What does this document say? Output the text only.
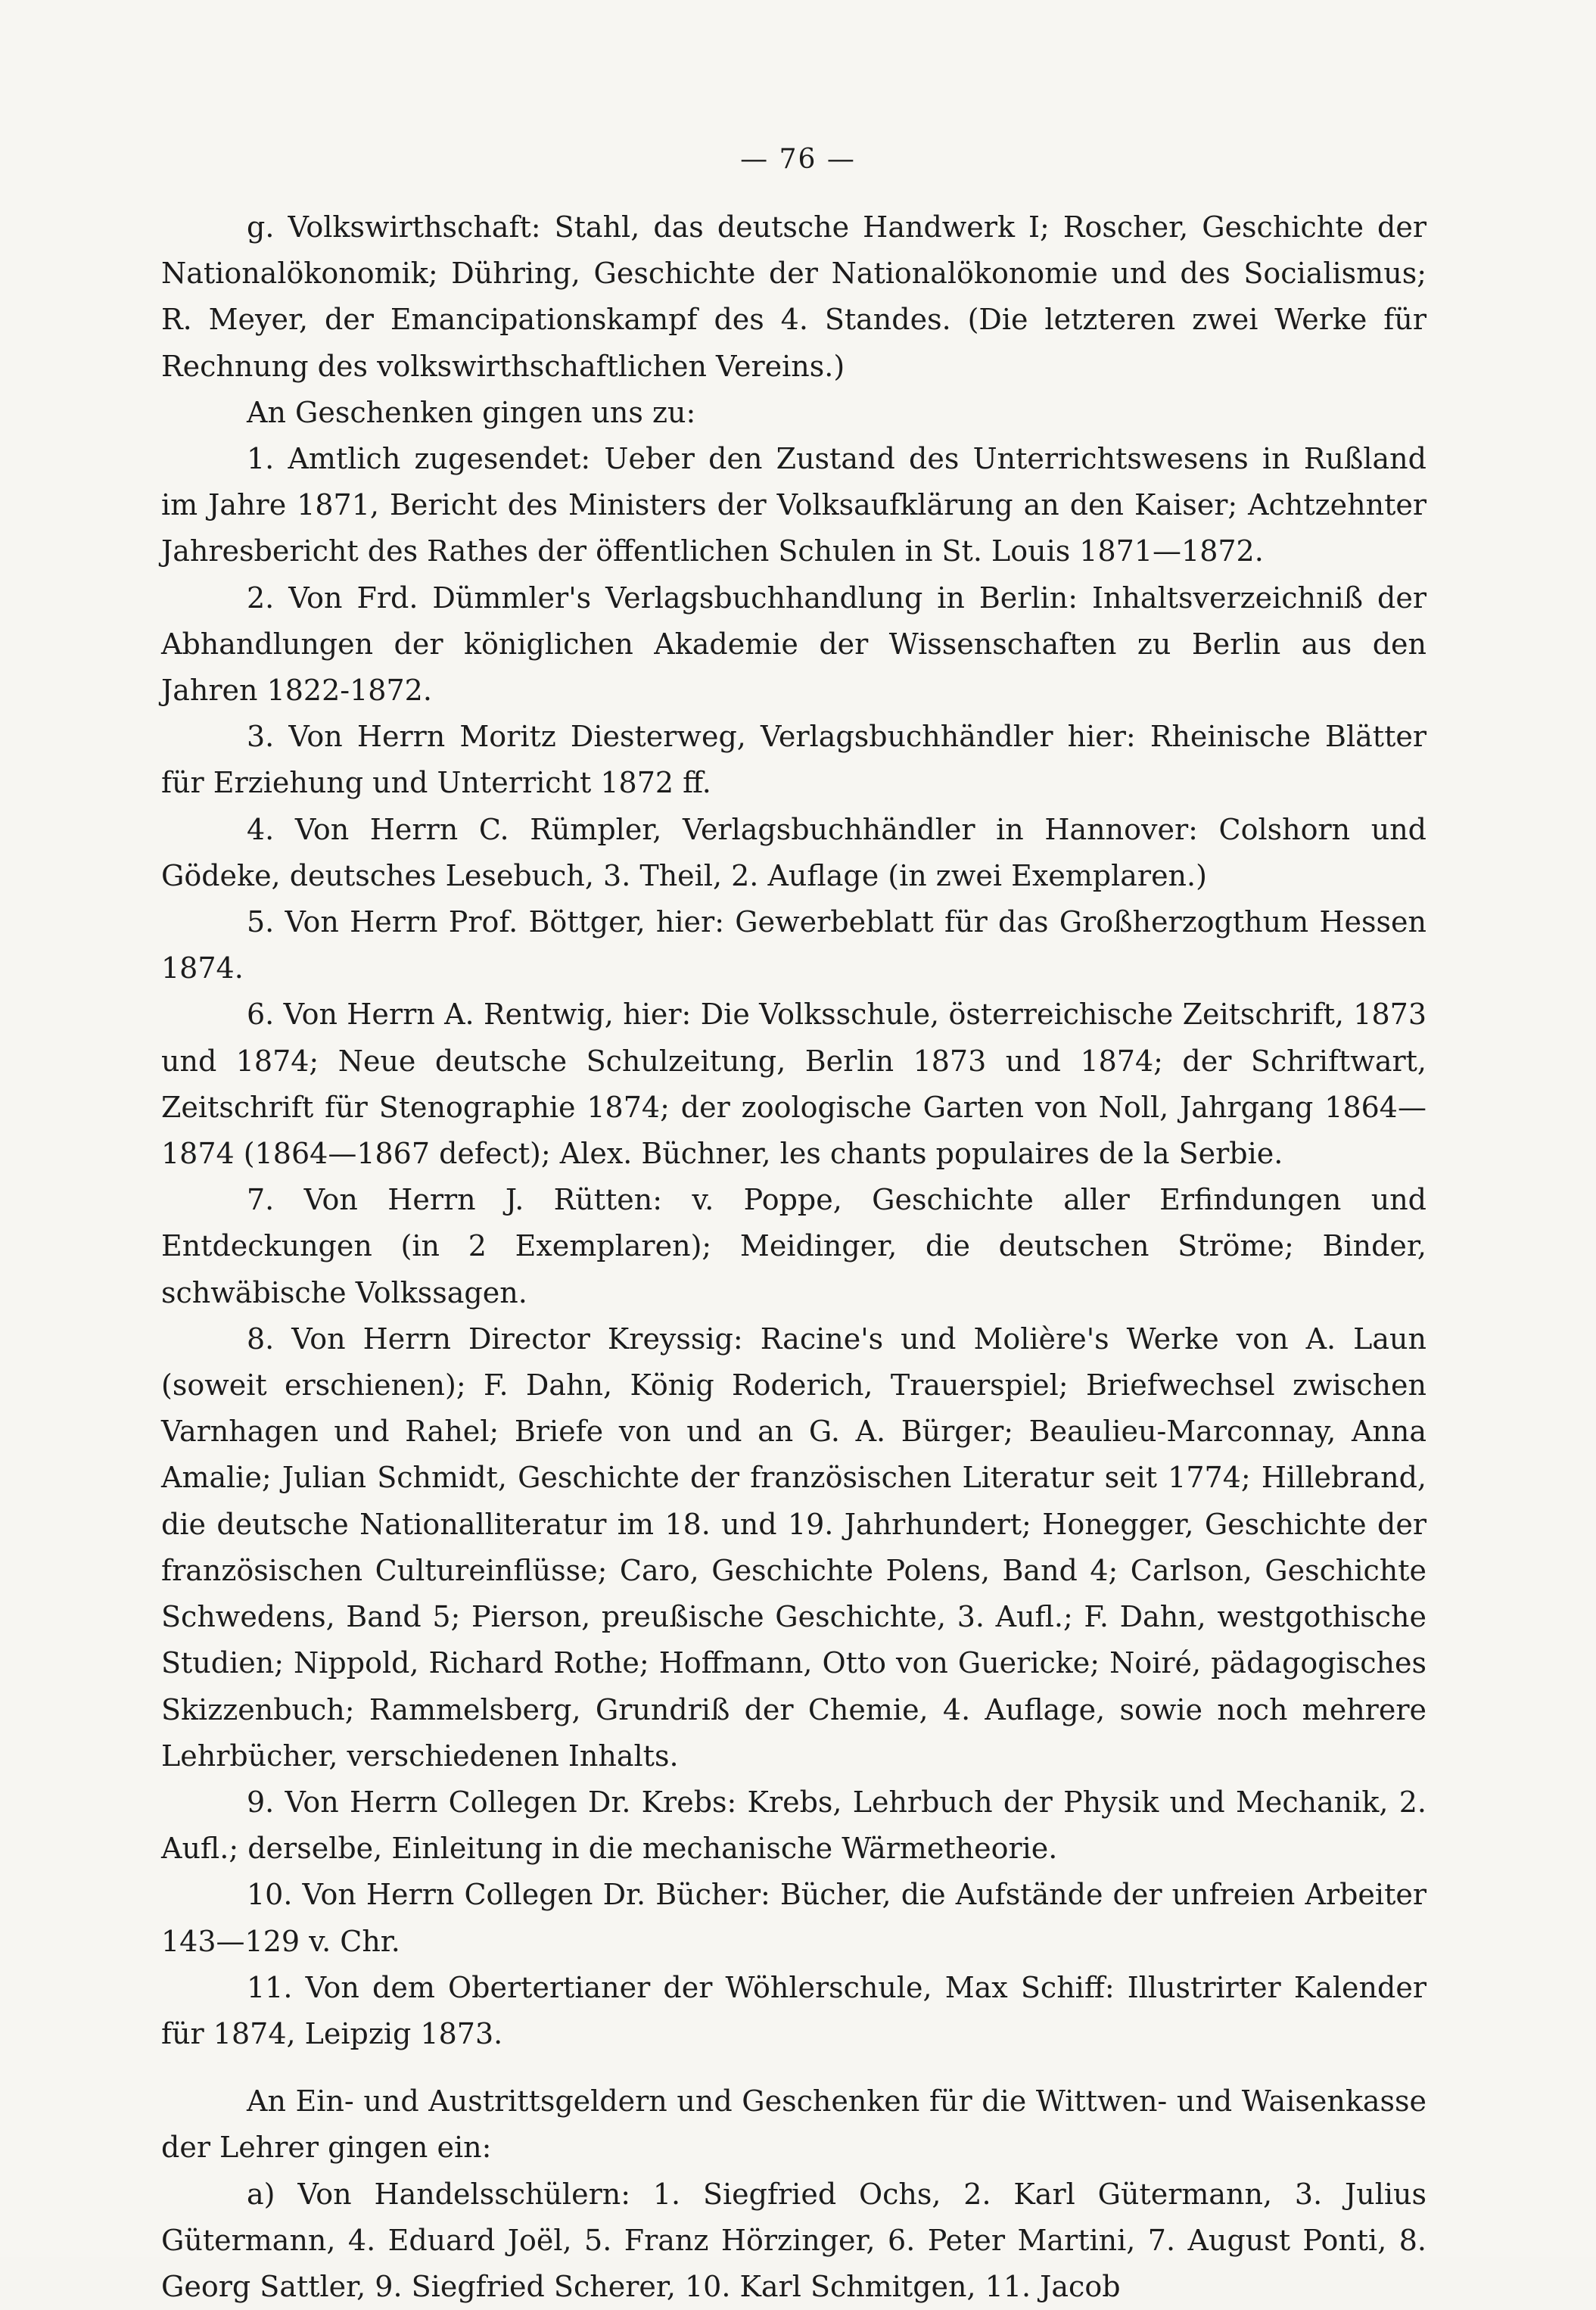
— 76 —

g. Volkswirthschaft: Stahl, das deutsche Handwerk I; Roscher, Geschichte der Nationalökonomik; Dühring, Geschichte der Nationalökonomie und des Socialismus; R. Meyer, der Emancipationskampf des 4. Standes. (Die letzteren zwei Werke für Rechnung des volkswirthschaftlichen Vereins.)

An Geschenken gingen uns zu:

1. Amtlich zugesendet: Ueber den Zustand des Unterrichtswesens in Rußland im Jahre 1871, Bericht des Ministers der Volksaufklärung an den Kaiser; Achtzehnter Jahresbericht des Rathes der öffentlichen Schulen in St. Louis 1871—1872.

2. Von Frd. Dümmler's Verlagsbuchhandlung in Berlin: Inhaltsverzeichniß der Abhandlungen der königlichen Akademie der Wissenschaften zu Berlin aus den Jahren 1822-1872.

3. Von Herrn Moritz Diesterweg, Verlagsbuchhändler hier: Rheinische Blätter für Erziehung und Unterricht 1872 ff.

4. Von Herrn C. Rümpler, Verlagsbuchhändler in Hannover: Colshorn und Gödeke, deutsches Lesebuch, 3. Theil, 2. Auflage (in zwei Exemplaren.)

5. Von Herrn Prof. Böttger, hier: Gewerbeblatt für das Großherzogthum Hessen 1874.

6. Von Herrn A. Rentwig, hier: Die Volksschule, österreichische Zeitschrift, 1873 und 1874; Neue deutsche Schulzeitung, Berlin 1873 und 1874; der Schriftwart, Zeitschrift für Stenographie 1874; der zoologische Garten von Noll, Jahrgang 1864—1874 (1864—1867 defect); Alex. Büchner, les chants populaires de la Serbie.

7. Von Herrn J. Rütten: v. Poppe, Geschichte aller Erfindungen und Entdeckungen (in 2 Exemplaren); Meidinger, die deutschen Ströme; Binder, schwäbische Volkssagen.

8. Von Herrn Director Kreyssig: Racine's und Molière's Werke von A. Laun (soweit erschienen); F. Dahn, König Roderich, Trauerspiel; Briefwechsel zwischen Varnhagen und Rahel; Briefe von und an G. A. Bürger; Beaulieu-Marconnay, Anna Amalie; Julian Schmidt, Geschichte der französischen Literatur seit 1774; Hillebrand, die deutsche Nationalliteratur im 18. und 19. Jahrhundert; Honegger, Geschichte der französischen Cultureinflüsse; Caro, Geschichte Polens, Band 4; Carlson, Geschichte Schwedens, Band 5; Pierson, preußische Geschichte, 3. Aufl.; F. Dahn, westgothische Studien; Nippold, Richard Rothe; Hoffmann, Otto von Guericke; Noiré, pädagogisches Skizzenbuch; Rammelsberg, Grundriß der Chemie, 4. Auflage, sowie noch mehrere Lehrbücher, verschiedenen Inhalts.

9. Von Herrn Collegen Dr. Krebs: Krebs, Lehrbuch der Physik und Mechanik, 2. Aufl.; derselbe, Einleitung in die mechanische Wärmetheorie.

10. Von Herrn Collegen Dr. Bücher: Bücher, die Aufstände der unfreien Arbeiter 143—129 v. Chr.

11. Von dem Obertertianer der Wöhlerschule, Max Schiff: Illustrirter Kalender für 1874, Leipzig 1873.

An Ein- und Austrittsgeldern und Geschenken für die Wittwen- und Waisenkasse der Lehrer gingen ein:

a) Von Handelsschülern: 1. Siegfried Ochs, 2. Karl Gütermann, 3. Julius Gütermann, 4. Eduard Joël, 5. Franz Hörzinger, 6. Peter Martini, 7. August Ponti, 8. Georg Sattler, 9. Siegfried Scherer, 10. Karl Schmitgen, 11. Jacob
